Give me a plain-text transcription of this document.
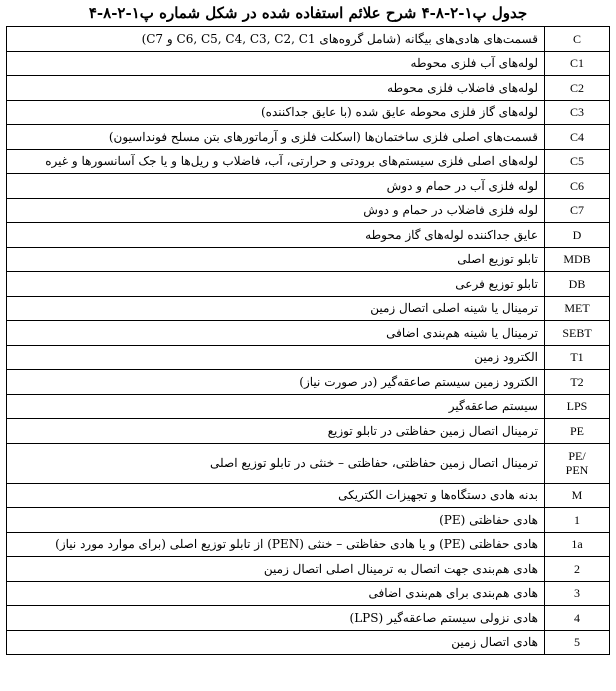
جدول پ۱-۲-۸-۴ شرح علائم استفاده شده در شکل شماره پ۱-۲-۸-۴
C	قسمت‌های هادی‌های بیگانه (شامل گروه‌های C6, C5, C4, C3, C2, C1 و C7)
C1	لوله‌های آب فلزی محوطه
C2	لوله‌های فاضلاب فلزی محوطه
C3	لوله‌های گاز فلزی محوطه عایق شده (با عایق جداکننده)
C4	قسمت‌های اصلی فلزی ساختمان‌ها (اسکلت فلزی و آرماتورهای بتن مسلح فونداسیون)
C5	لوله‌های اصلی فلزی سیستم‌های برودتی و حرارتی، آب، فاضلاب و ریل‌ها و یا جک آسانسورها و غیره
C6	لوله فلزی آب در حمام و دوش
C7	لوله فلزی فاضلاب در حمام و دوش
D	عایق جداکننده لوله‌های گاز محوطه
MDB	تابلو توزیع اصلی
DB	تابلو توزیع فرعی
MET	ترمینال یا شینه اصلی اتصال زمین
SEBT	ترمینال یا شینه هم‌بندی اضافی
T1	الکترود زمین
T2	الکترود زمین سیستم صاعقه‌گیر (در صورت نیاز)
LPS	سیستم صاعقه‌گیر
PE	ترمینال اتصال زمین حفاظتی در تابلو توزیع

PE/
PEN	ترمینال اتصال زمین حفاظتی، حفاظتی – خنثی در تابلو توزیع اصلی
M	بدنه هادی دستگاه‌ها و تجهیزات الکتریکی
1	هادی حفاظتی (PE)
1a	هادی حفاظتی (PE) و یا هادی حفاظتی – خنثی (PEN) از تابلو توزیع اصلی (برای موارد مورد نیاز)
2	هادی هم‌بندی جهت اتصال به ترمینال اصلی اتصال زمین
3	هادی هم‌بندی برای هم‌بندی اضافی
4	هادی نزولی سیستم صاعقه‌گیر (LPS)
5	هادی اتصال زمین
